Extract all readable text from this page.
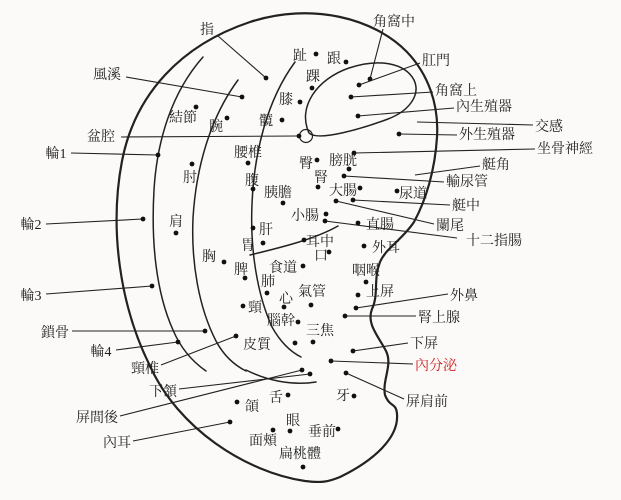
指
風溪
盆腔
輪1
輪2
輪3
鎖骨
輪4
頸椎
下頷
屏間後
內耳
角窩中
肛門
角窩上
內生殖器
交感
外生殖器
坐骨神經
艇角
輸尿管
艇中
闌尾
十二指腸
外鼻
腎上腺
下屏
內分泌
屏肩前
結節
腕
肘
肩
趾 跟
踝
膝
髖
腰椎
臀 膀胱
腎
腹
胰膽	大腸	尿道
小腸
肝	直腸
胃	耳中
口
外耳
脾 食道
肺
咽喉
心 氣管
頸
上屏
腦幹
三焦
皮質
胸
頜
舌	牙
眼
垂前
面頰
扁桃體
